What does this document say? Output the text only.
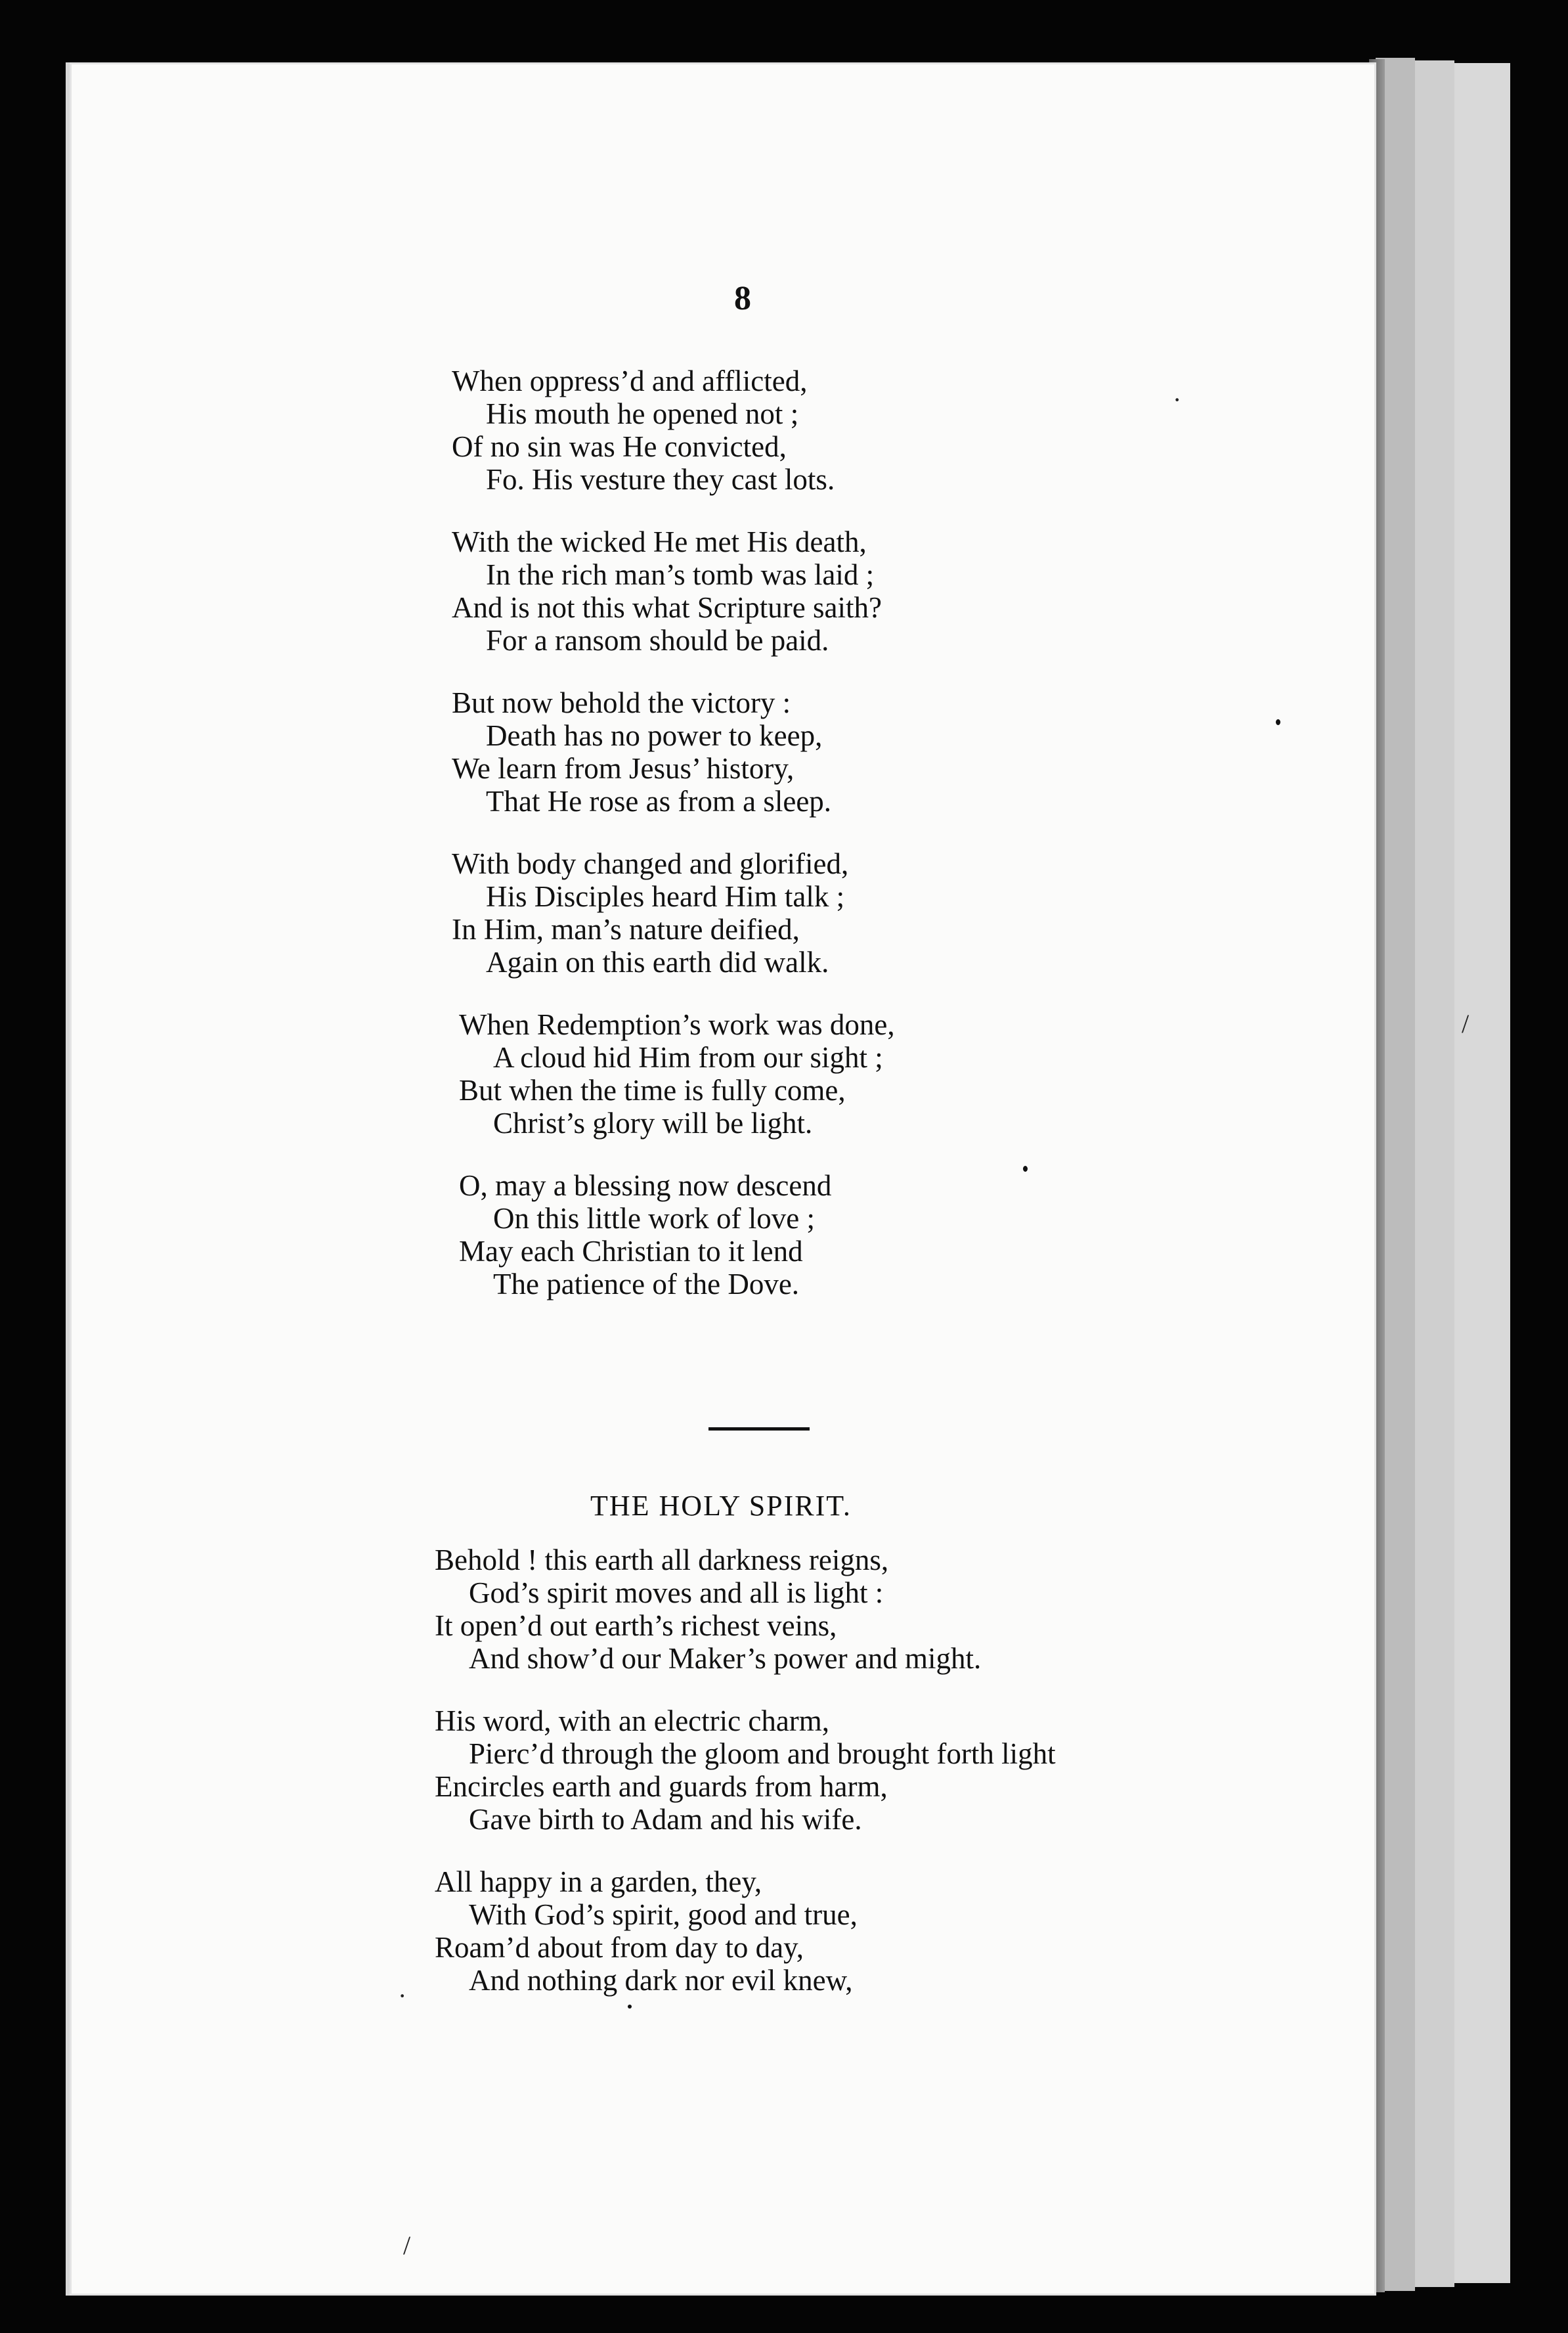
8
When oppress’d and afflicted,
His mouth he opened not ;
Of no sin was He convicted,
Fo. His vesture they cast lots.
With the wicked He met His death,
In the rich man’s tomb was laid ;
And is not this what Scripture saith?
For a ransom should be paid.
But now behold the victory :
Death has no power to keep,
We learn from Jesus’ history,
That He rose as from a sleep.
With body changed and glorified,
His Disciples heard Him talk ;
In Him, man’s nature deified,
Again on this earth did walk.
When Redemption’s work was done,
A cloud hid Him from our sight ;
But when the time is fully come,
Christ’s glory will be light.
O, may a blessing now descend
On this little work of love ;
May each Christian to it lend
The patience of the Dove.
THE HOLY SPIRIT.
Behold ! this earth all darkness reigns,
God’s spirit moves and all is light :
It open’d out earth’s richest veins,
And show’d our Maker’s power and might.
His word, with an electric charm,
Pierc’d through the gloom and brought forth light
Encircles earth and guards from harm,
Gave birth to Adam and his wife.
All happy in a garden, they,
With God’s spirit, good and true,
Roam’d about from day to day,
And nothing dark nor evil knew,
·
/
·
/
